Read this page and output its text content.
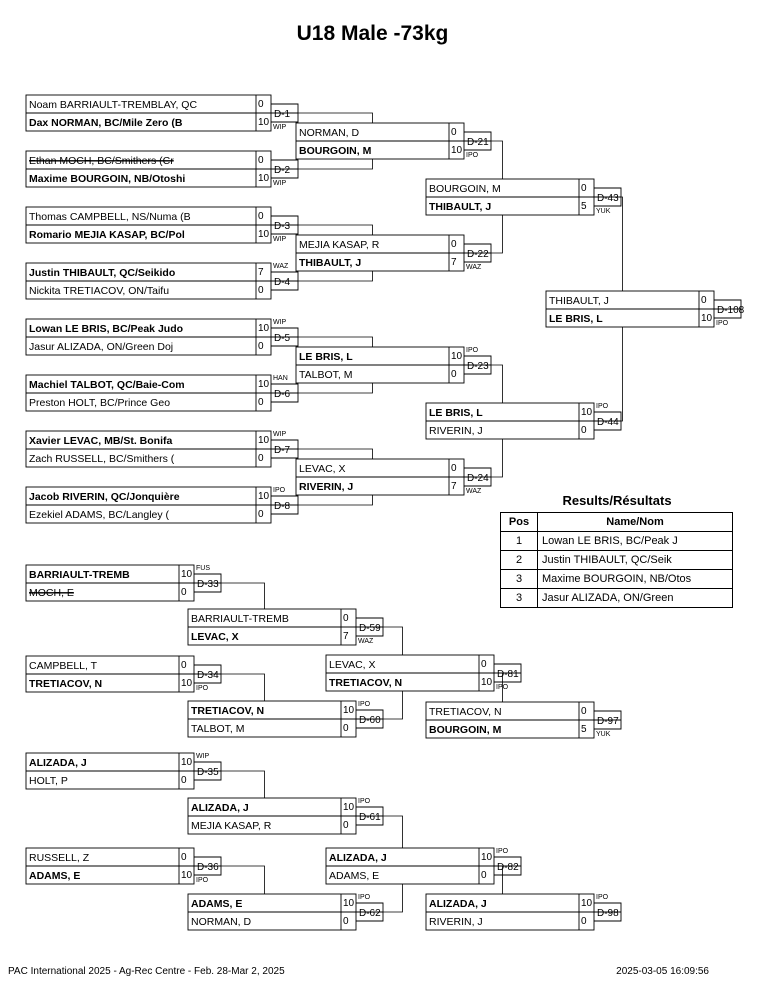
U18 Male -73kg
Noam BARRIAULT-TREMBLAY, QC	0
Dax NORMAN, BC/Mile Zero (B	10
D-1
WIP
Ethan MOCH, BC/Smithers (Cr	0
Maxime BOURGOIN, NB/Otoshi	10
D-2
WIP
Thomas CAMPBELL, NS/Numa (B	0
Romario MEJIA KASAP, BC/Pol	10
D-3
WIP
Justin THIBAULT, QC/Seikido	7
Nickita TRETIACOV, ON/Taifu	0
D-4
WAZ
Lowan LE BRIS, BC/Peak Judo	10
Jasur ALIZADA, ON/Green Doj	0
D-5
WIP
Machiel TALBOT, QC/Baie-Com	10
Preston HOLT, BC/Prince Geo	0
D-6
HAN
Xavier LEVAC, MB/St. Bonifa	10
Zach RUSSELL, BC/Smithers (	0
D-7
WIP
Jacob RIVERIN, QC/Jonquière	10
Ezekiel ADAMS, BC/Langley (	0
D-8
IPO
NORMAN, D	0
BOURGOIN, M	10
D-21
IPO
MEJIA KASAP, R	0
THIBAULT, J	7
D-22
WAZ
LE BRIS, L	10
TALBOT, M	0
D-23
IPO
LEVAC, X	0
RIVERIN, J	7
D-24
WAZ
BOURGOIN, M	0
THIBAULT, J	5
D-43
YUK
LE BRIS, L	10
RIVERIN, J	0
D-44
IPO
THIBAULT, J	0
LE BRIS, L	10
D-108
IPO
BARRIAULT-TREMB	10
MOCH, E	0
D-33
FUS
CAMPBELL, T	0
TRETIACOV, N	10
D-34
IPO
ALIZADA, J	10
HOLT, P	0
D-35
WIP
RUSSELL, Z	0
ADAMS, E	10
D-36
IPO
BARRIAULT-TREMB	0
LEVAC, X	7
D-59
WAZ
TRETIACOV, N	10
TALBOT, M	0
D-60
IPO
ALIZADA, J	10
MEJIA KASAP, R	0
D-61
IPO
ADAMS, E	10
NORMAN, D	0
D-62
IPO
LEVAC, X	0
TRETIACOV, N	10
D-81
IPO
ALIZADA, J	10
ADAMS, E	0
D-82
IPO
TRETIACOV, N	0
BOURGOIN, M	5
D-97
YUK
ALIZADA, J	10
RIVERIN, J	0
D-98
IPO
Results/Résultats
Pos	Name/Nom
1	Lowan LE BRIS, BC/Peak J
2	Justin THIBAULT, QC/Seik
3	Maxime BOURGOIN, NB/Otos
3	Jasur ALIZADA, ON/Green
PAC International 2025 - Ag-Rec Centre - Feb. 28-Mar 2, 2025	2025-03-05 16:09:56
